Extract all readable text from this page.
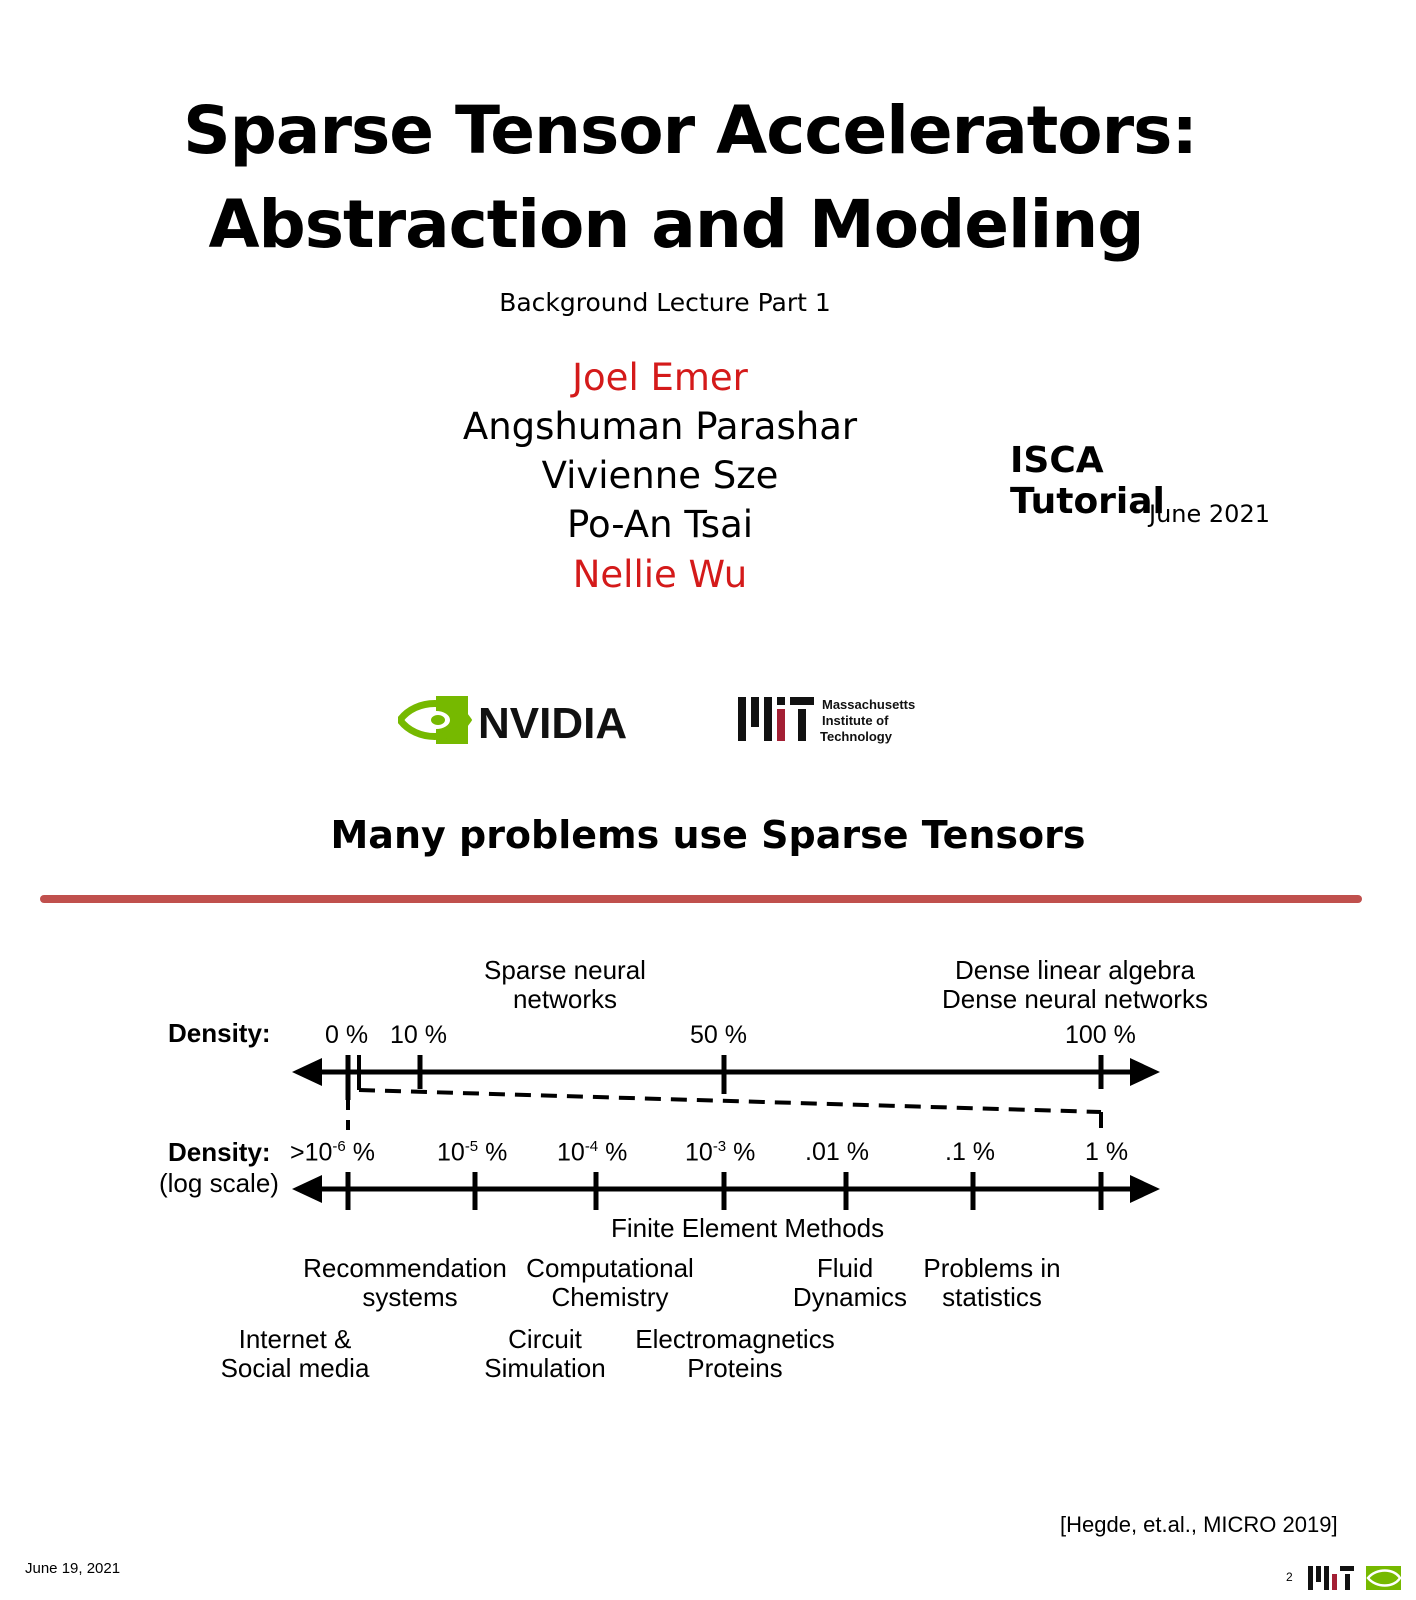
Sparse Tensor Accelerators:
Abstraction and Modeling
Background Lecture Part 1
Joel Emer
Angshuman Parashar
Vivienne Sze
Po-An Tsai
Nellie Wu
ISCA Tutorial
June 2021
NVIDIA	Massachusetts
Institute of
Technology
Many problems use Sparse Tensors
Sparse neural
networks
Dense linear algebra
Dense neural networks
Density: 0 % 10 %	50 %	100 %
Density:
(log scale)
$>10^{-6}$ % $10^{-5}$ % $10^{-4}$ % $10^{-3}$ % .01 %	.1 %	1 %
Finite Element Methods
Recommendation
systems
Computational
Chemistry
Fluid
Dynamics
Problems in
statistics
Internet &
Social media
Circuit
Simulation
Electromagnetics
Proteins
[Hegde, et.al., MICRO 2019]
June 19, 2021	2
